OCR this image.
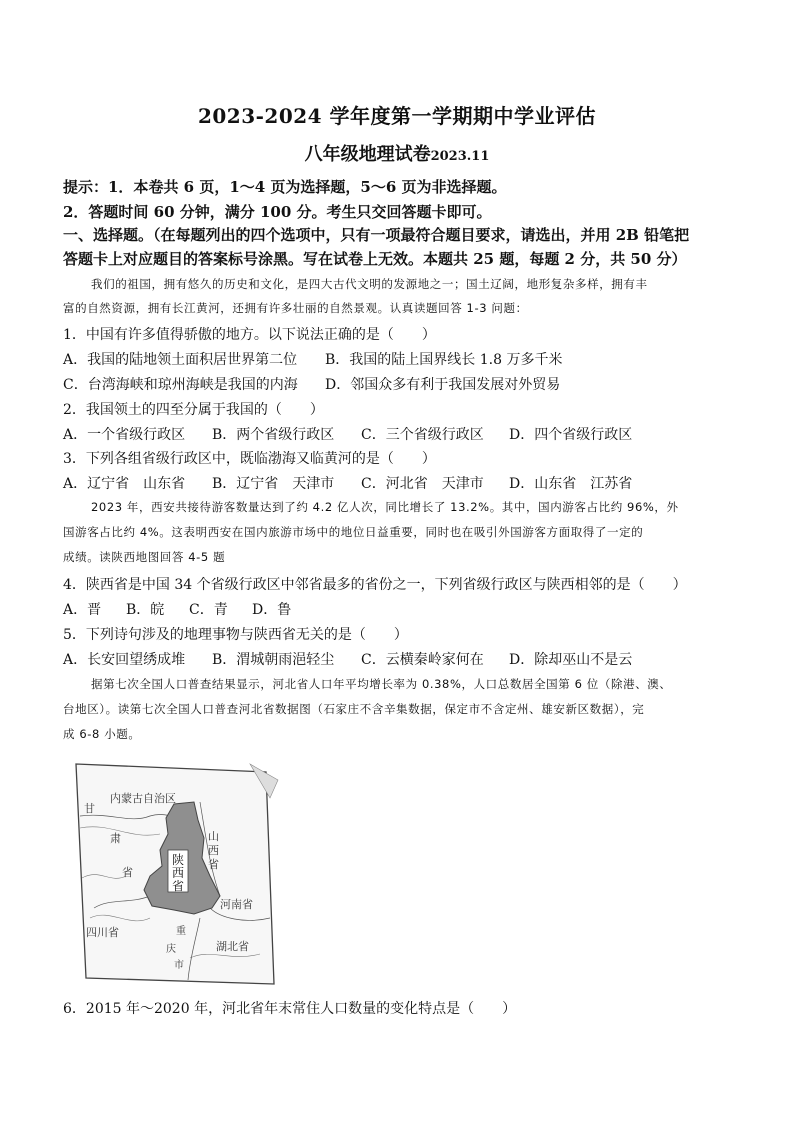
2023-2024 学年度第一学期期中学业评估
八年级地理试卷2023.11
提示：1．本卷共 6 页，1～4 页为选择题，5～6 页为非选择题。
2．答题时间 60 分钟，满分 100 分。考生只交回答题卡即可。
一、选择题。（在每题列出的四个选项中，只有一项最符合题目要求，请选出，并用 2B 铅笔把
答题卡上对应题目的答案标号涂黑。写在试卷上无效。本题共 25 题，每题 2 分，共 50 分）
我们的祖国，拥有悠久的历史和文化，是四大古代文明的发源地之一；国土辽阔，地形复杂多样，拥有丰
富的自然资源，拥有长江黄河，还拥有许多壮丽的自然景观。认真读题回答 1-3 问题：
1．中国有许多值得骄傲的地方。以下说法正确的是（　　）
A．我国的陆地领土面积居世界第二位 B．我国的陆上国界线长 1.8 万多千米
C．台湾海峡和琼州海峡是我国的内海 D．邻国众多有利于我国发展对外贸易
2．我国领土的四至分属于我国的（　　）
A．一个省级行政区 B．两个省级行政区 C．三个省级行政区 D．四个省级行政区
3．下列各组省级行政区中，既临渤海又临黄河的是（　　）
A．辽宁省　山东省 B．辽宁省　天津市 C．河北省　天津市 D．山东省　江苏省
2023 年，西安共接待游客数量达到了约 4.2 亿人次，同比增长了 13.2%。其中，国内游客占比约 96%，外
国游客占比约 4%。这表明西安在国内旅游市场中的地位日益重要，同时也在吸引外国游客方面取得了一定的
成绩。读陕西地图回答 4-5 题
4．陕西省是中国 34 个省级行政区中邻省最多的省份之一，下列省级行政区与陕西相邻的是（　　）
A．晋 B．皖 C．青 D．鲁
5．下列诗句涉及的地理事物与陕西省无关的是（　　）
A．长安回望绣成堆 B．渭城朝雨浥轻尘 C．云横秦岭家何在 D．除却巫山不是云
据第七次全国人口普查结果显示，河北省人口年平均增长率为 0.38%，人口总数居全国第 6 位（除港、澳、
台地区）。读第七次全国人口普查河北省数据图（石家庄不含辛集数据，保定市不含定州、雄安新区数据），完
成 6-8 小题。
内蒙古自治区
甘
肃
省
山
西
省
陕
西
省
河南省
四川省
湖北省
重
庆
市
6．2015 年～2020 年，河北省年末常住人口数量的变化特点是（　　）
